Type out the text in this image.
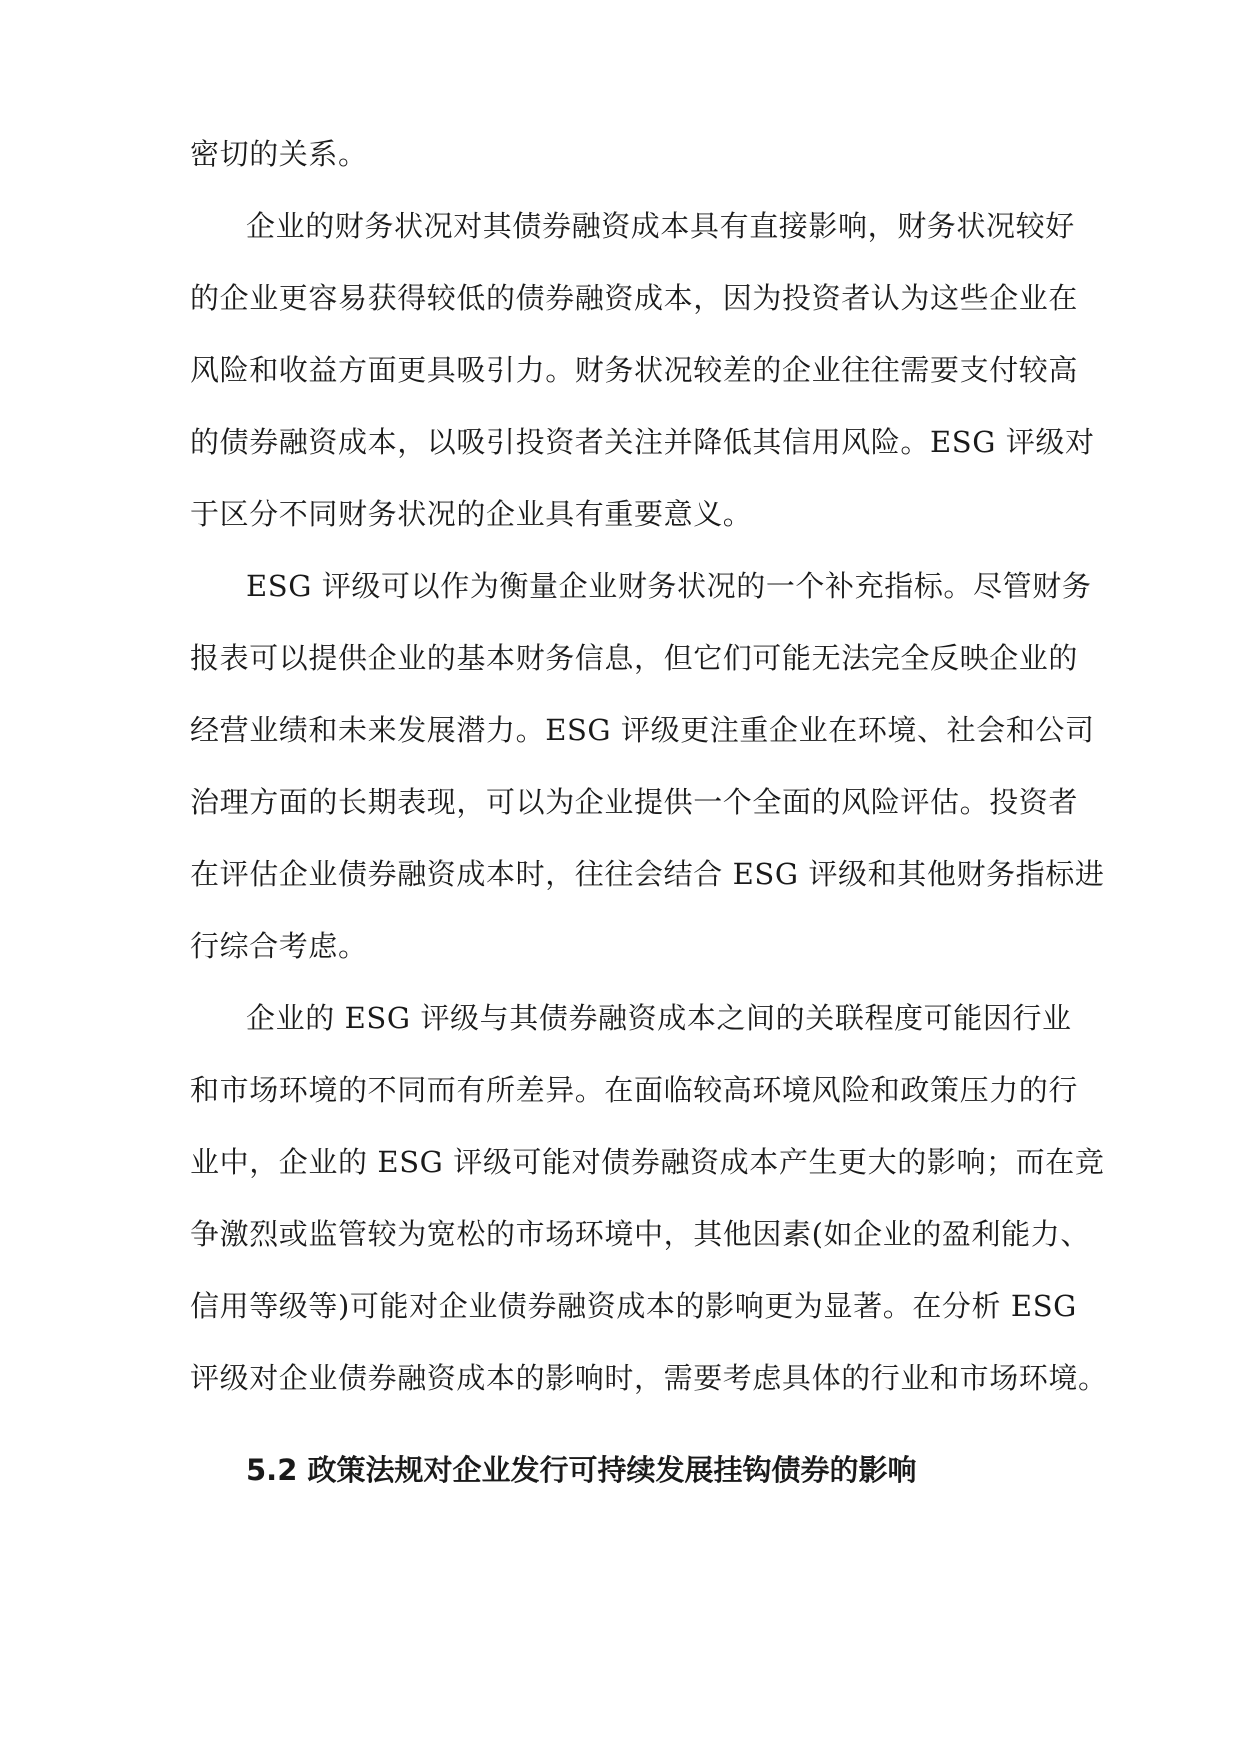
密切的关系。
企业的财务状况对其债券融资成本具有直接影响，财务状况较好
的企业更容易获得较低的债券融资成本，因为投资者认为这些企业在
风险和收益方面更具吸引力。财务状况较差的企业往往需要支付较高
的债券融资成本，以吸引投资者关注并降低其信用风险。ESG 评级对
于区分不同财务状况的企业具有重要意义。
ESG 评级可以作为衡量企业财务状况的一个补充指标。尽管财务
报表可以提供企业的基本财务信息，但它们可能无法完全反映企业的
经营业绩和未来发展潜力。ESG 评级更注重企业在环境、社会和公司
治理方面的长期表现，可以为企业提供一个全面的风险评估。投资者
在评估企业债券融资成本时，往往会结合 ESG 评级和其他财务指标进
行综合考虑。
企业的 ESG 评级与其债券融资成本之间的关联程度可能因行业
和市场环境的不同而有所差异。在面临较高环境风险和政策压力的行
业中，企业的 ESG 评级可能对债券融资成本产生更大的影响；而在竞
争激烈或监管较为宽松的市场环境中，其他因素(如企业的盈利能力、
信用等级等)可能对企业债券融资成本的影响更为显著。在分析 ESG
评级对企业债券融资成本的影响时，需要考虑具体的行业和市场环境。
5.2 政策法规对企业发行可持续发展挂钩债券的影响
